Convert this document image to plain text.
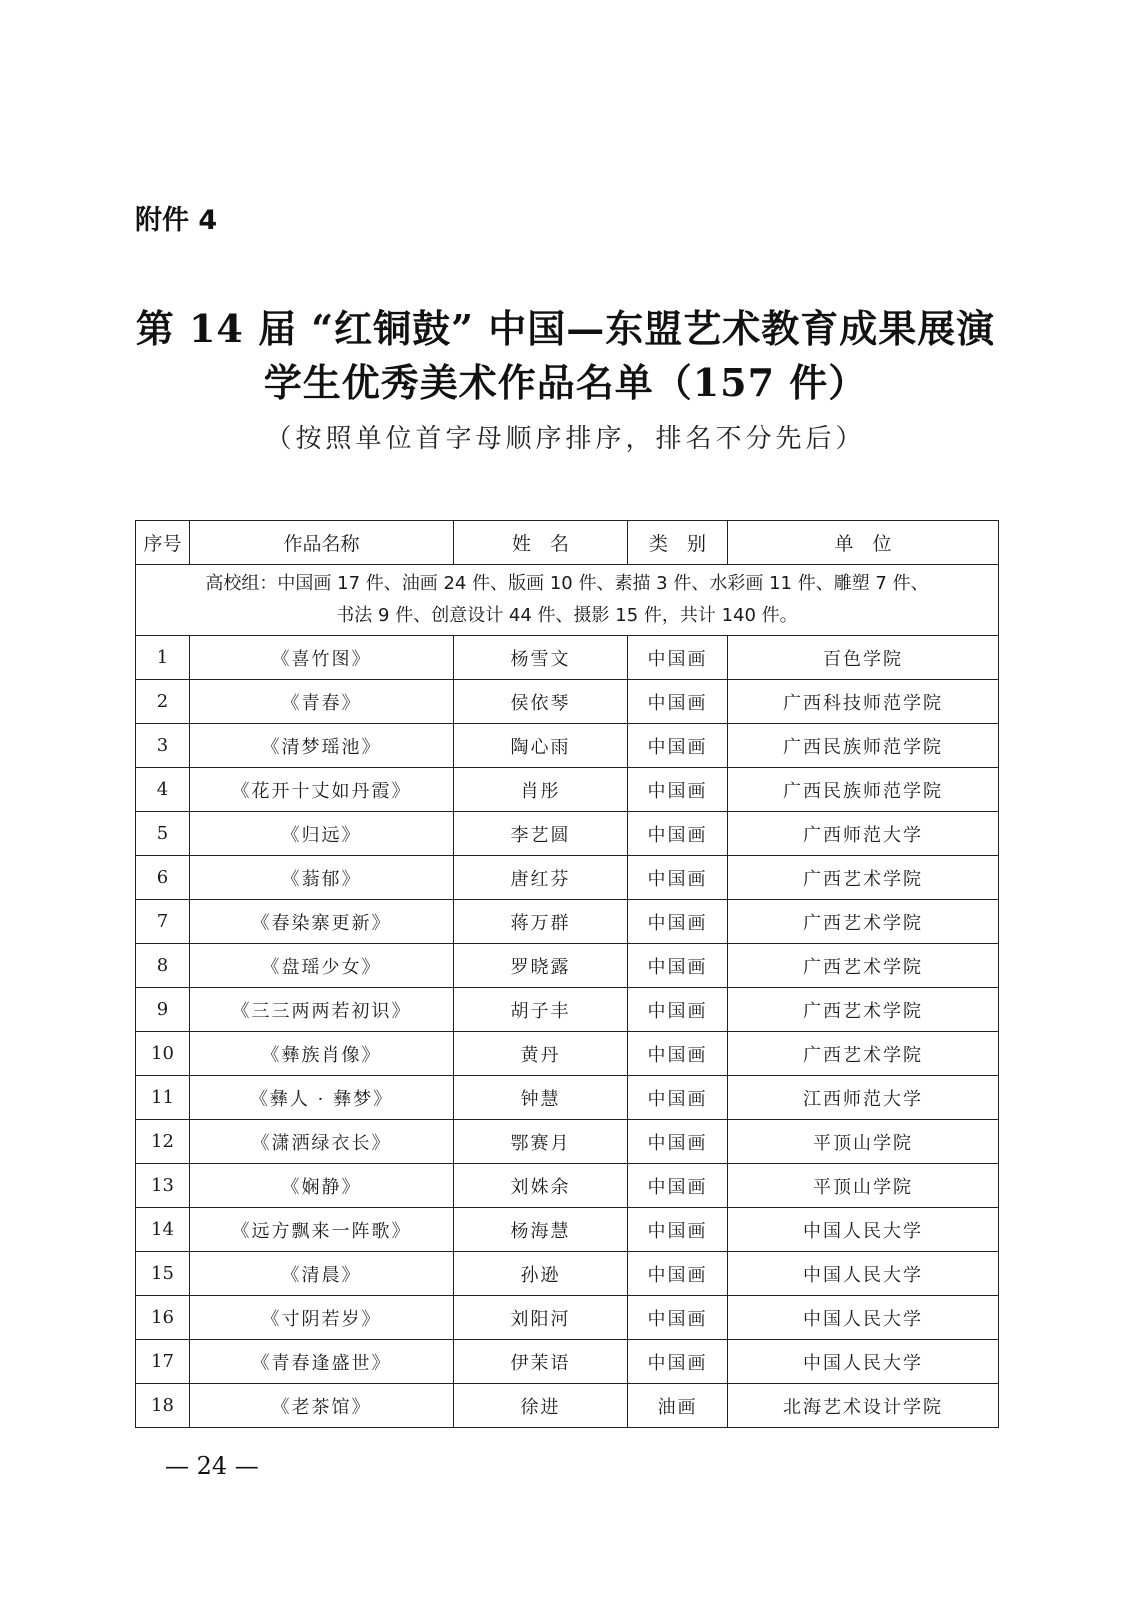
附件 4
第 14 届 “红铜鼓” 中国—东盟艺术教育成果展演
学生优秀美术作品名单（157 件）
（按照单位首字母顺序排序，排名不分先后）
序号	作品名称	姓　名	类　别	单　位

高校组：中国画 17 件、油画 24 件、版画 10 件、素描 3 件、水彩画 11 件、雕塑 7 件、
书法 9 件、创意设计 44 件、摄影 15 件，共计 140 件。				

1	《喜竹图》	杨雪文	中国画	百色学院
2	《青春》	侯依琴	中国画	广西科技师范学院
3	《清梦瑶池》	陶心雨	中国画	广西民族师范学院
4	《花开十丈如丹霞》	肖彤	中国画	广西民族师范学院
5	《归远》	李艺圆	中国画	广西师范大学
6	《蓊郁》	唐红芬	中国画	广西艺术学院
7	《春染寨更新》	蒋万群	中国画	广西艺术学院
8	《盘瑶少女》	罗晓露	中国画	广西艺术学院
9	《三三两两若初识》	胡子丰	中国画	广西艺术学院
10	《彝族肖像》	黄丹	中国画	广西艺术学院
11	《彝人 · 彝梦》	钟慧	中国画	江西师范大学
12	《潇洒绿衣长》	鄂赛月	中国画	平顶山学院
13	《娴静》	刘姝余	中国画	平顶山学院
14	《远方飘来一阵歌》	杨海慧	中国画	中国人民大学
15	《清晨》	孙逊	中国画	中国人民大学
16	《寸阴若岁》	刘阳河	中国画	中国人民大学
17	《青春逢盛世》	伊茉语	中国画	中国人民大学
18	《老茶馆》	徐进	油画	北海艺术设计学院
— 24 —
